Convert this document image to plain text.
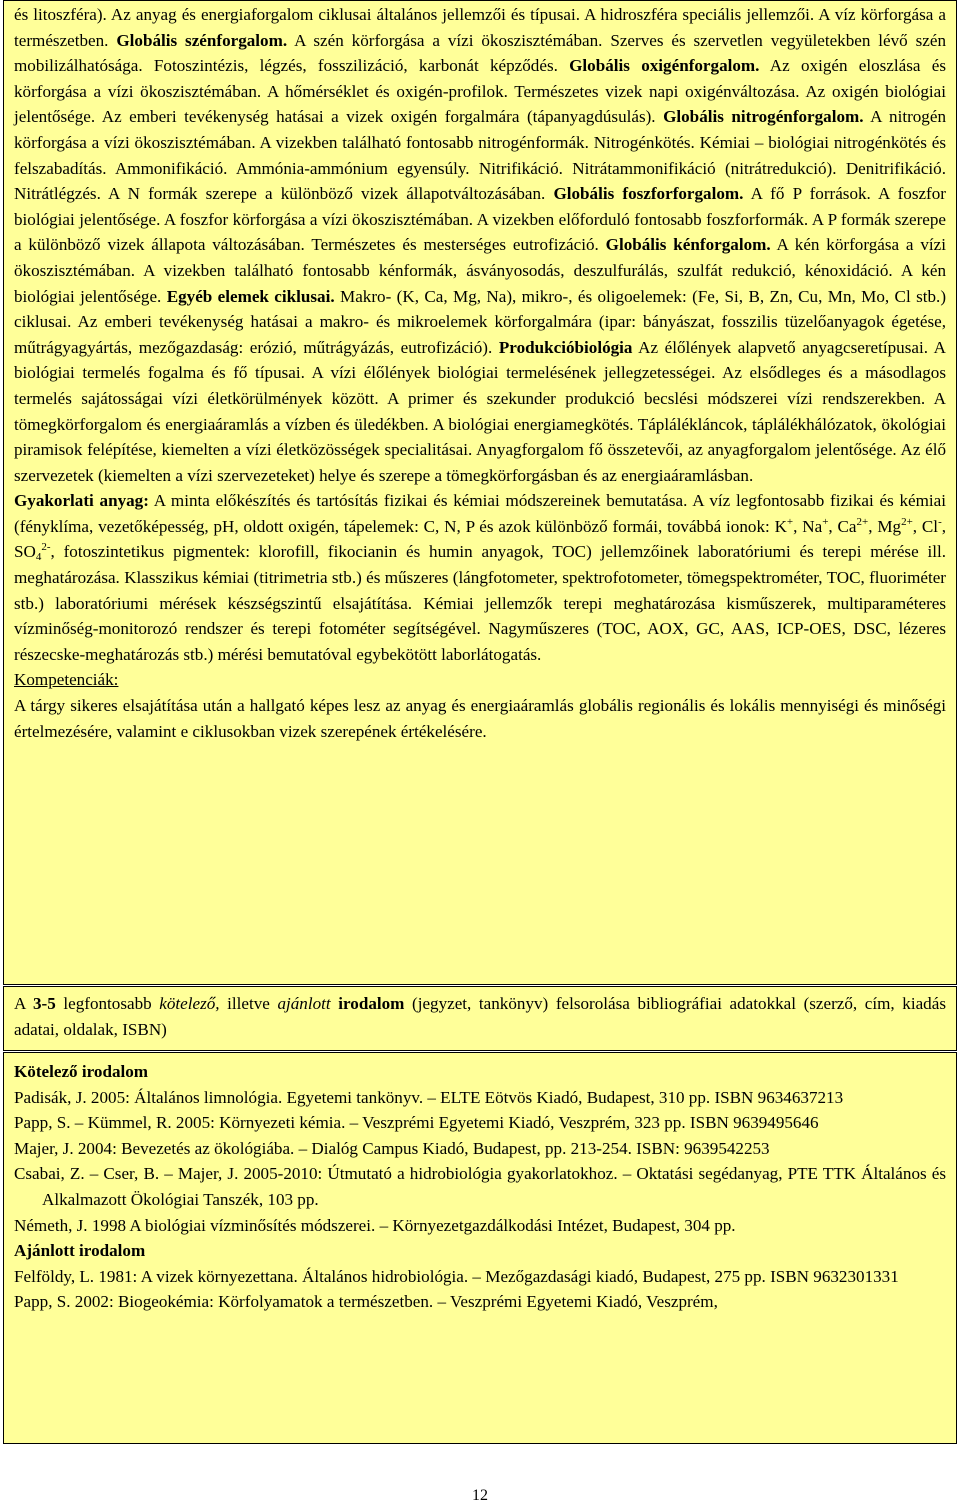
és litoszféra). Az anyag és energiaforgalom ciklusai általános jellemzői és típusai. A hidroszféra speciális jellemzői. A víz körforgása a természetben. Globális szénforgalom. A szén körforgása a vízi ökoszisztémában. Szerves és szervetlen vegyületekben lévő szén mobilizálhatósága. Fotoszintézis, légzés, fosszilizáció, karbonát képződés. Globális oxigénforgalom. Az oxigén eloszlása és körforgása a vízi ökoszisztémában. A hőmérséklet és oxigén-profilok. Természetes vizek napi oxigénváltozása. Az oxigén biológiai jelentősége. Az emberi tevékenység hatásai a vizek oxigén forgalmára (tápanyagdúsulás). Globális nitrogénforgalom. A nitrogén körforgása a vízi ökoszisztémában. A vizekben található fontosabb nitrogénformák. Nitrogénkötés. Kémiai – biológiai nitrogénkötés és felszabadítás. Ammonifikáció. Ammónia-ammónium egyensúly. Nitrifikáció. Nitrátammonifikáció (nitrátredukció). Denitrifikáció. Nitrátlégzés. A N formák szerepe a különböző vizek állapotváltozásában. Globális foszforforgalom. A fő P források. A foszfor biológiai jelentősége. A foszfor körforgása a vízi ökoszisztémában. A vizekben előforduló fontosabb foszforformák. A P formák szerepe a különböző vizek állapota változásában. Természetes és mesterséges eutrofizáció. Globális kénforgalom. A kén körforgása a vízi ökoszisztémában. A vizekben található fontosabb kénformák, ásványosodás, deszulfurálás, szulfát redukció, kénoxidáció. A kén biológiai jelentősége. Egyéb elemek ciklusai. Makro- (K, Ca, Mg, Na), mikro-, és oligoelemek: (Fe, Si, B, Zn, Cu, Mn, Mo, Cl stb.) ciklusai. Az emberi tevékenység hatásai a makro- és mikroelemek körforgalmára (ipar: bányászat, fosszilis tüzelőanyagok égetése, műtrágyagyártás, mezőgazdaság: erózió, műtrágyázás, eutrofizáció). Produkcióbiológia Az élőlények alapvető anyagcseretípusai. A biológiai termelés fogalma és fő típusai. A vízi élőlények biológiai termelésének jellegzetességei. Az elsődleges és a másodlagos termelés sajátosságai vízi életkörülmények között. A primer és szekunder produkció becslési módszerei vízi rendszerekben. A tömegkörforgalom és energiaáramlás a vízben és üledékben. A biológiai energiamegkötés. Táplálékláncok, táplálékhálózatok, ökológiai piramisok felépítése, kiemelten a vízi életközösségek specialitásai. Anyagforgalom fő összetevői, az anyagforgalom jelentősége. Az élő szervezetek (kiemelten a vízi szervezeteket) helye és szerepe a tömegkörforgásban és az energiaáramlásban.

Gyakorlati anyag: A minta előkészítés és tartósítás fizikai és kémiai módszereinek bemutatása. A víz legfontosabb fizikai és kémiai (fényklíma, vezetőképesség, pH, oldott oxigén, tápelemek: C, N, P és azok különböző formái, továbbá ionok: K+, Na+, $Ca^{2+}$, $Mg^{2+}$, Cl-, $SO_4^{2-}$, fotoszintetikus pigmentek: klorofill, fikocianin és humin anyagok, TOC) jellemzőinek laboratóriumi és terepi mérése ill. meghatározása. Klasszikus kémiai (titrimetria stb.) és műszeres (lángfotometer, spektrofotometer, tömegspektrométer, TOC, fluoriméter stb.) laboratóriumi mérések készségszintű elsajátítása. Kémiai jellemzők terepi meghatározása kisműszerek, multiparaméteres vízminőség-monitorozó rendszer és terepi fotométer segítségével. Nagyműszeres (TOC, AOX, GC, AAS, ICP-OES, DSC, lézeres részecske-meghatározás stb.) mérési bemutatóval egybekötött laborlátogatás.

Kompetenciák:

A tárgy sikeres elsajátítása után a hallgató képes lesz az anyag és energiaáramlás globális regionális és lokális mennyiségi és minőségi értelmezésére, valamint e ciklusokban vizek szerepének értékelésére.

A 3-5 legfontosabb kötelező, illetve ajánlott irodalom (jegyzet, tankönyv) felsorolása bibliográfiai adatokkal (szerző, cím, kiadás adatai, oldalak, ISBN)

Kötelező irodalom

Padisák, J. 2005: Általános limnológia. Egyetemi tankönyv. – ELTE Eötvös Kiadó, Budapest, 310 pp. ISBN 9634637213

Papp, S. – Kümmel, R. 2005: Környezeti kémia. – Veszprémi Egyetemi Kiadó, Veszprém, 323 pp. ISBN 9639495646

Majer, J. 2004: Bevezetés az ökológiába. – Dialóg Campus Kiadó, Budapest, pp. 213-254. ISBN: 9639542253

Csabai, Z. – Cser, B. – Majer, J. 2005-2010: Útmutató a hidrobiológia gyakorlatokhoz. – Oktatási segédanyag, PTE TTK Általános és Alkalmazott Ökológiai Tanszék, 103 pp.

Németh, J. 1998 A biológiai vízminősítés módszerei. – Környezetgazdálkodási Intézet, Budapest, 304 pp.

Ajánlott irodalom

Felföldy, L. 1981: A vizek környezettana. Általános hidrobiológia. – Mezőgazdasági kiadó, Budapest, 275 pp. ISBN 9632301331

Papp, S. 2002: Biogeokémia: Körfolyamatok a természetben. – Veszprémi Egyetemi Kiadó, Veszprém,

12
